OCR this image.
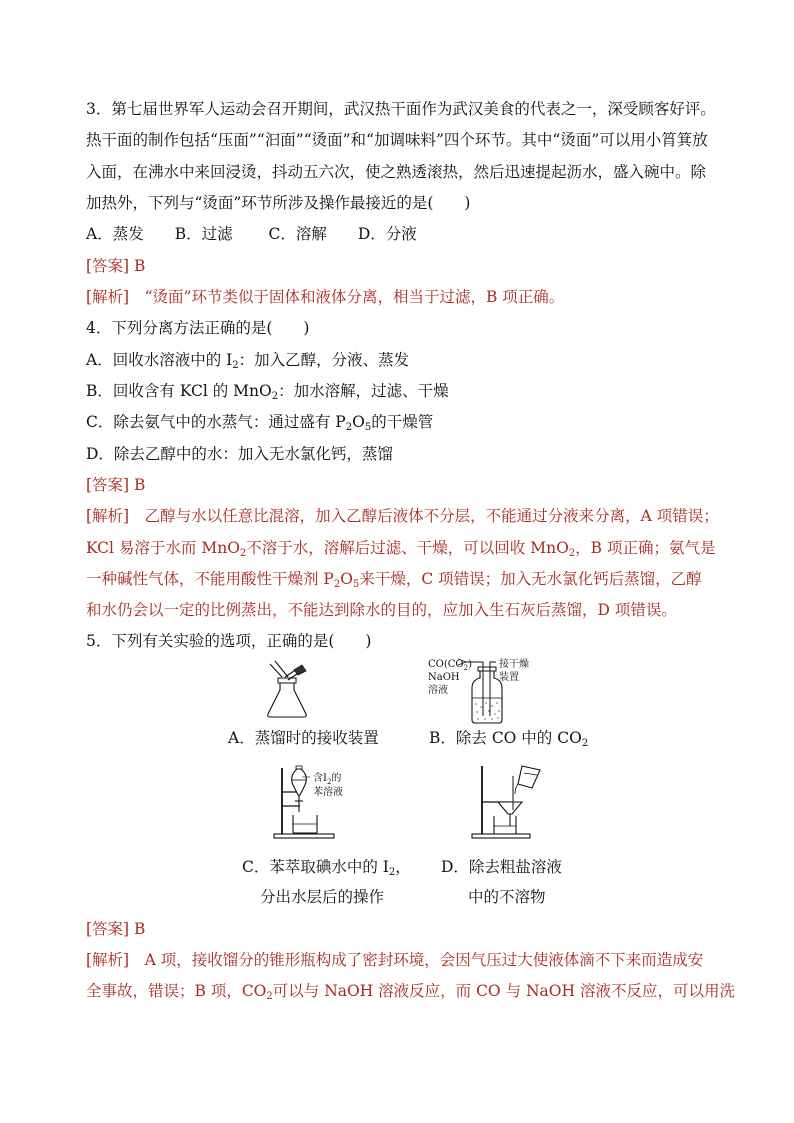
3．第七届世界军人运动会召开期间，武汉热干面作为武汉美食的代表之一，深受顾客好评。
热干面的制作包括“压面”“汩面”“烫面”和“加调味料”四个环节。其中“烫面”可以用小筲箕放
入面，在沸水中来回浸烫，抖动五六次，使之熟透滚热，然后迅速提起沥水，盛入碗中。除
加热外，下列与“烫面”环节所涉及操作最接近的是(　　)
A．蒸发　　B．过滤　　 C．溶解　　D．分液
[答案] B
[解析]　“烫面”环节类似于固体和液体分离，相当于过滤，B 项正确。
4．下列分离方法正确的是(　　)
A．回收水溶液中的 $I_2$：加入乙醇，分液、蒸发
B．回收含有 KCl 的 MnO$_2$：加水溶解，过滤、干燥
C．除去氨气中的水蒸气：通过盛有 $P_2O_5$的干燥管
D．除去乙醇中的水：加入无水氯化钙，蒸馏
[答案] B
[解析]　乙醇与水以任意比混溶，加入乙醇后液体不分层，不能通过分液来分离，A 项错误；
KCl 易溶于水而 MnO$_2$不溶于水，溶解后过滤、干燥，可以回收 MnO$_2$，B 项正确；氨气是
一种碱性气体，不能用酸性干燥剂 $P_2O_5$来干燥，C 项错误；加入无水氯化钙后蒸馏，乙醇
和水仍会以一定的比例蒸出，不能达到除水的目的，应加入生石灰后蒸馏，D 项错误。
5．下列有关实验的选项，正确的是(　　)
A．蒸馏时的接收装置
$CO(CO_2)$
NaOH
溶液
接干燥
装置
B．除去 CO 中的 $CO_2$
含$I_2$的
苯溶液
C．苯萃取碘水中的 $I_2$，
分出水层后的操作
D．除去粗盐溶液
中的不溶物
[答案] B
[解析]　A 项，接收馏分的锥形瓶构成了密封环境，会因气压过大使液体滴不下来而造成安
全事故，错误；B 项，$CO_2$可以与 NaOH 溶液反应，而 CO 与 NaOH 溶液不反应，可以用洗
